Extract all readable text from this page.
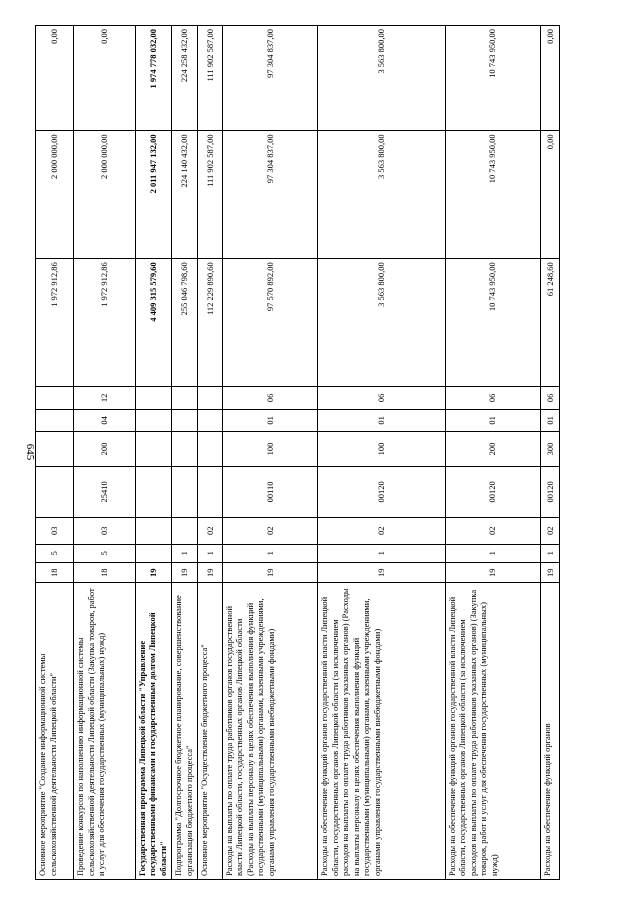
645
Основное мероприятие "Создание информационной системы сельскохозяйственной деятельности Липецкой области"	18	5	03					1 972 912,86	2 000 000,00	0,00
Проведение конкурсов по наполнению информационной системы сельскохозяйственной деятельности Липецкой области (Закупка товаров, работ и услуг для обеспечения государственных (муниципальных) нужд)	18	5	03	25410	200	04	12	1 972 912,86	2 000 000,00	0,00
Государственная программа Липецкой области "Управление государственными финансами и государственным долгом Липецкой области"	19							4 409 315 579,60	2 011 947 132,00	1 974 778 032,00
Подпрограмма "Долгосрочное бюджетное планирование, совершенствование организации бюджетного процесса"	19	1						255 046 798,60	224 140 432,00	224 258 432,00
Основное мероприятие "Осуществление бюджетного процесса"	19	1	02					112 229 890,60	111 902 587,00	111 902 587,00
Расходы на выплаты по оплате труда работников органов государственной власти Липецкой области, государственных органов Липецкой области (Расходы на выплаты персоналу в целях обеспечения выполнения функций государственными (муниципальными) органами, казенными учреждениями, органами управления государственными внебюджетными фондами)	19	1	02	00110	100	01	06	97 570 892,00	97 304 837,00	97 304 837,00
Расходы на обеспечение функций органов государственной власти Липецкой области, государственных органов Липецкой области (за исключением расходов на выплаты по оплате труда работников указанных органов) (Расходы на выплаты персоналу в целях обеспечения выполнения функций государственными (муниципальными) органами, казенными учреждениями, органами управления государственными внебюджетными фондами)	19	1	02	00120	100	01	06	3 563 800,00	3 563 800,00	3 563 800,00
Расходы на обеспечение функций органов государственной власти Липецкой области, государственных органов Липецкой области (за исключением расходов на выплаты по оплате труда работников указанных органов) (Закупка товаров, работ и услуг для обеспечения государственных (муниципальных) нужд)	19	1	02	00120	200	01	06	10 743 950,00	10 743 950,00	10 743 950,00
Расходы на обеспечение функций органов	19	1	02	00120	300	01	06	61 248,60	0,00	0,00
